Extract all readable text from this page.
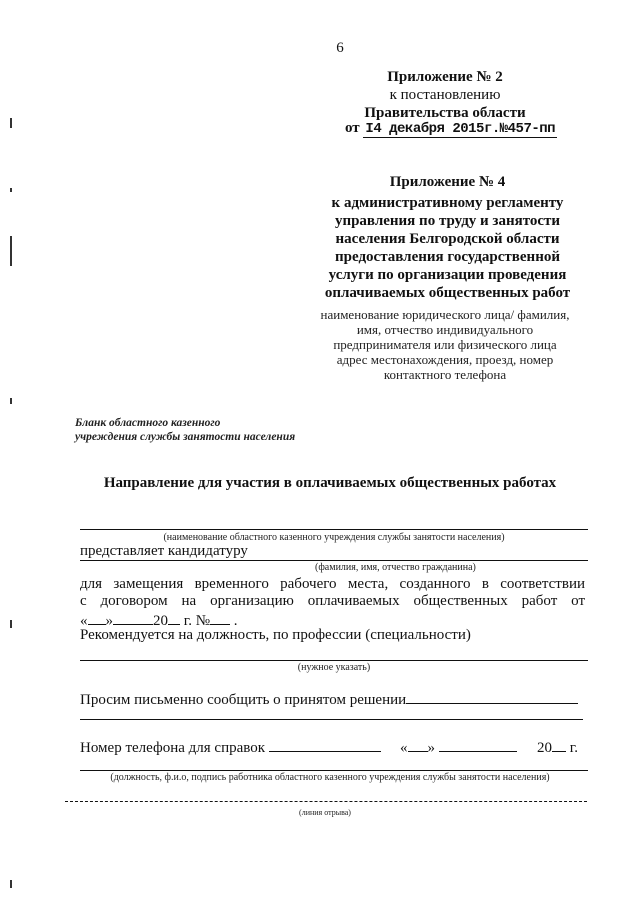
6
Приложение № 2
к постановлению
Правительства области
от I4 декабря 2015г.№457-пп
Приложение № 4
к административному регламенту
управления по труду и занятости
населения Белгородской области
предоставления государственной
услуги по организации проведения
оплачиваемых общественных работ
наименование юридического лица/ фамилия,
имя, отчество индивидуального
предпринимателя или физического лица
адрес местонахождения, проезд, номер
контактного телефона
Бланк областного казенного
учреждения службы занятости населения
Направление для участия в оплачиваемых общественных работах
(наименование областного казенного учреждения службы занятости населения)
представляет кандидатуру
(фамилия, имя, отчество гражданина)
для замещения временного рабочего места, созданного в соответствии
с договором на организацию оплачиваемых общественных работ от
« »	20 г. № .
Рекомендуется на должность, по профессии (специальности)
(нужное указать)
Просим письменно сообщить о принятом решении
Номер телефона для справок	« »	20 г.
(должность, ф.и.о, подпись работника областного казенного учреждения службы занятости населения)
(линия отрыва)
